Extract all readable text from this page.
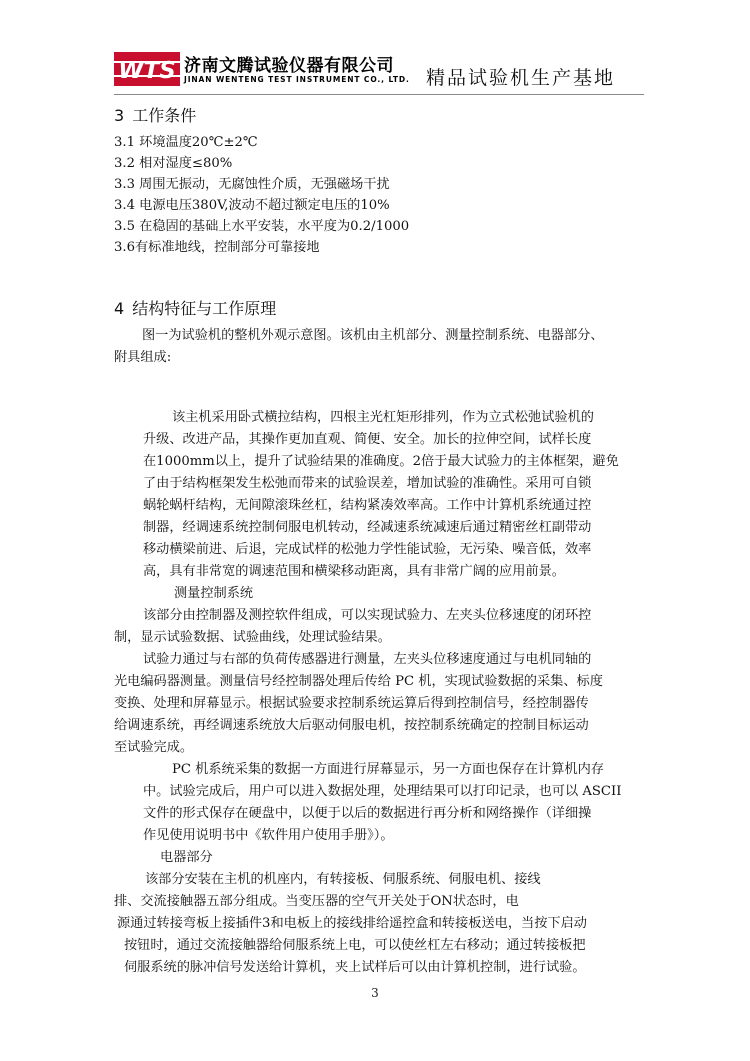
WTS 济南文腾试验仪器有限公司
JINAN WENTENG TEST INSTRUMENT CO., LTD. 精品试验机生产基地
3 工作条件
3.1 环境温度20℃±2℃
3.2 相对湿度≤80%
3.3 周围无振动，无腐蚀性介质，无强磁场干扰
3.4 电源电压380V,波动不超过额定电压的10%
3.5 在稳固的基础上水平安装，水平度为0.2/1000
3.6有标准地线，控制部分可靠接地
4 结构特征与工作原理
图一为试验机的整机外观示意图。该机由主机部分、测量控制系统、电器部分、
附具组成:
该主机采用卧式横拉结构，四根主光杠矩形排列，作为立式松弛试验机的
升级、改进产品，其操作更加直观、简便、安全。加长的拉伸空间，试样长度
在1000mm以上，提升了试验结果的准确度。2倍于最大试验力的主体框架，避免
了由于结构框架发生松弛而带来的试验误差，增加试验的准确性。采用可自锁
蜗轮蜗杆结构，无间隙滚珠丝杠，结构紧凑效率高。工作中计算机系统通过控
制器，经调速系统控制伺服电机转动，经减速系统减速后通过精密丝杠副带动
移动横梁前进、后退，完成试样的松弛力学性能试验，无污染、噪音低，效率
高，具有非常宽的调速范围和横梁移动距离，具有非常广阔的应用前景。
测量控制系统
该部分由控制器及测控软件组成，可以实现试验力、左夹头位移速度的闭环控
制，显示试验数据、试验曲线，处理试验结果。
试验力通过与右部的负荷传感器进行测量，左夹头位移速度通过与电机同轴的
光电编码器测量。测量信号经控制器处理后传给 PC 机，实现试验数据的采集、标度
变换、处理和屏幕显示。根据试验要求控制系统运算后得到控制信号，经控制器传
给调速系统，再经调速系统放大后驱动伺服电机，按控制系统确定的控制目标运动
至试验完成。
PC 机系统采集的数据一方面进行屏幕显示，另一方面也保存在计算机内存
中。试验完成后，用户可以进入数据处理，处理结果可以打印记录，也可以 ASCII
文件的形式保存在硬盘中，以便于以后的数据进行再分析和网络操作（详细操
作见使用说明书中《软件用户使用手册》）。
电器部分
该部分安装在主机的机座内，有转接板、伺服系统、伺服电机、接线
排、交流接触器五部分组成。当变压器的空气开关处于ON状态时，电
源通过转接弯板上接插件3和电板上的接线排给遥控盒和转接板送电，当按下启动
按钮时，通过交流接触器给伺服系统上电，可以使丝杠左右移动；通过转接板把
伺服系统的脉冲信号发送给计算机，夹上试样后可以由计算机控制，进行试验。
3
